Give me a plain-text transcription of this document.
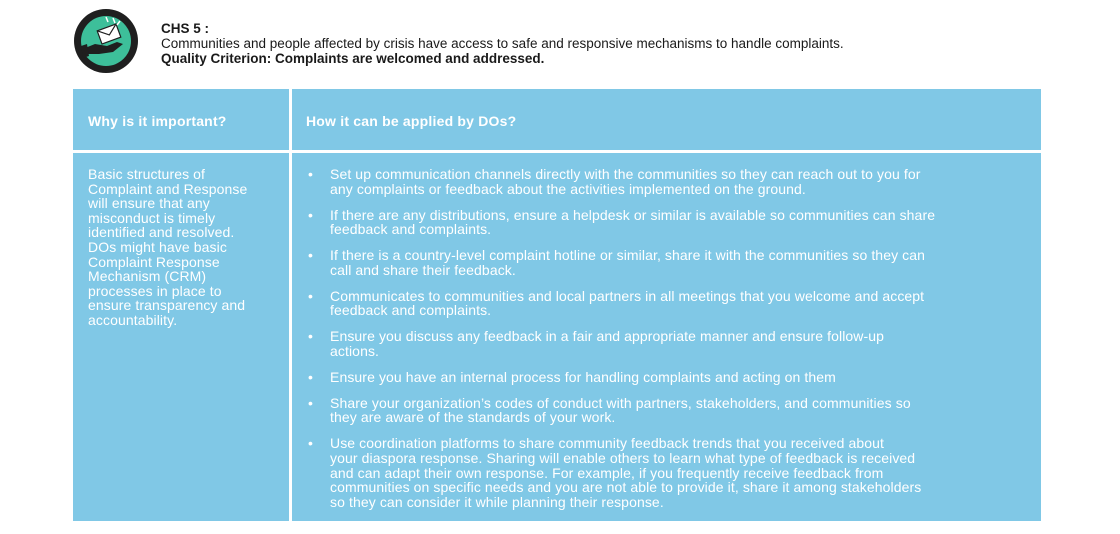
CHS 5 :
Communities and people affected by crisis have access to safe and responsive mechanisms to handle complaints.
Quality Criterion: Complaints are welcomed and addressed.
Why is it important?	How it can be applied by DOs?
Basic structures of
Complaint and Response
will ensure that any
misconduct is timely
identified and resolved.
DOs might have basic
Complaint Response
Mechanism (CRM)
processes in place to
ensure transparency and
accountability.
• Set up communication channels directly with the communities so they can reach out to you for
any complaints or feedback about the activities implemented on the ground.
• If there are any distributions, ensure a helpdesk or similar is available so communities can share
feedback and complaints.
• If there is a country-level complaint hotline or similar, share it with the communities so they can
call and share their feedback.
• Communicates to communities and local partners in all meetings that you welcome and accept
feedback and complaints.
• Ensure you discuss any feedback in a fair and appropriate manner and ensure follow-up
actions.
• Ensure you have an internal process for handling complaints and acting on them
• Share your organization’s codes of conduct with partners, stakeholders, and communities so
they are aware of the standards of your work.
• Use coordination platforms to share community feedback trends that you received about
your diaspora response. Sharing will enable others to learn what type of feedback is received
and can adapt their own response. For example, if you frequently receive feedback from
communities on specific needs and you are not able to provide it, share it among stakeholders
so they can consider it while planning their response.
